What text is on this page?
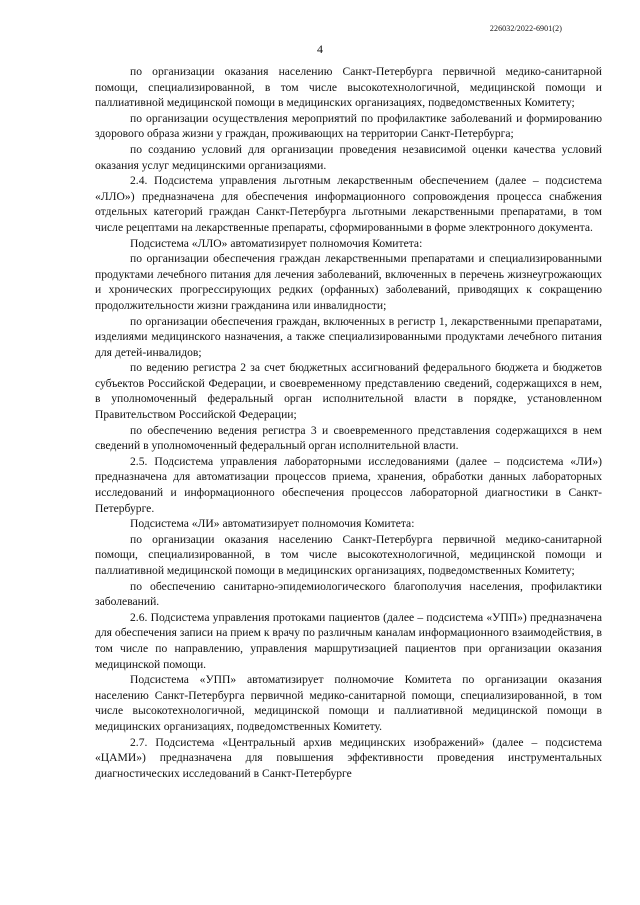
226032/2022-6901(2)
4

по организации оказания населению Санкт-Петербурга первичной медико-санитарной помощи, специализированной, в том числе высокотехнологичной, медицинской помощи и паллиативной медицинской помощи в медицинских организациях, подведомственных Комитету;

по организации осуществления мероприятий по профилактике заболеваний и формированию здорового образа жизни у граждан, проживающих на территории Санкт-Петербурга;

по созданию условий для организации проведения независимой оценки качества условий оказания услуг медицинскими организациями.

2.4. Подсистема управления льготным лекарственным обеспечением (далее – подсистема «ЛЛО») предназначена для обеспечения информационного сопровождения процесса снабжения отдельных категорий граждан Санкт-Петербурга льготными лекарственными препаратами, в том числе рецептами на лекарственные препараты, сформированными в форме электронного документа.

Подсистема «ЛЛО» автоматизирует полномочия Комитета:

по организации обеспечения граждан лекарственными препаратами и специализированными продуктами лечебного питания для лечения заболеваний, включенных в перечень жизнеугрожающих и хронических прогрессирующих редких (орфанных) заболеваний, приводящих к сокращению продолжительности жизни гражданина или инвалидности;

по организации обеспечения граждан, включенных в регистр 1, лекарственными препаратами, изделиями медицинского назначения, а также специализированными продуктами лечебного питания для детей-инвалидов;

по ведению регистра 2 за счет бюджетных ассигнований федерального бюджета и бюджетов субъектов Российской Федерации, и своевременному представлению сведений, содержащихся в нем, в уполномоченный федеральный орган исполнительной власти в порядке, установленном Правительством Российской Федерации;

по обеспечению ведения регистра 3 и своевременного представления содержащихся в нем сведений в уполномоченный федеральный орган исполнительной власти.

2.5. Подсистема управления лабораторными исследованиями (далее – подсистема «ЛИ») предназначена для автоматизации процессов приема, хранения, обработки данных лабораторных исследований и информационного обеспечения процессов лабораторной диагностики в Санкт-Петербурге.

Подсистема «ЛИ» автоматизирует полномочия Комитета:

по организации оказания населению Санкт-Петербурга первичной медико-санитарной помощи, специализированной, в том числе высокотехнологичной, медицинской помощи и паллиативной медицинской помощи в медицинских организациях, подведомственных Комитету;

по обеспечению санитарно-эпидемиологического благополучия населения, профилактики заболеваний.

2.6. Подсистема управления протоками пациентов (далее – подсистема «УПП») предназначена для обеспечения записи на прием к врачу по различным каналам информационного взаимодействия, в том числе по направлению, управления маршрутизацией пациентов при организации оказания медицинской помощи.

Подсистема «УПП» автоматизирует полномочие Комитета по организации оказания населению Санкт-Петербурга первичной медико-санитарной помощи, специализированной, в том числе высокотехнологичной, медицинской помощи и паллиативной медицинской помощи в медицинских организациях, подведомственных Комитету.

2.7. Подсистема «Центральный архив медицинских изображений» (далее – подсистема «ЦАМИ») предназначена для повышения эффективности проведения инструментальных диагностических исследований в Санкт-Петербурге
